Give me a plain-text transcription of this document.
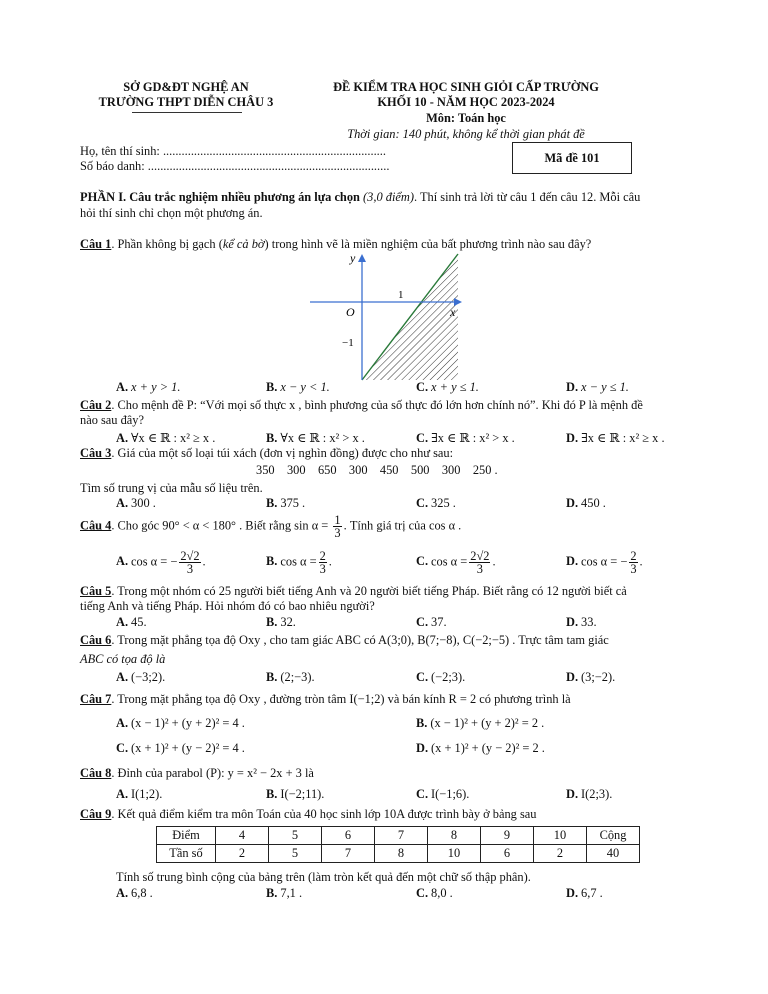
SỞ GD&ĐT NGHỆ AN
TRƯỜNG THPT DIỄN CHÂU 3
ĐỀ KIỂM TRA HỌC SINH GIỎI CẤP TRƯỜNG
KHỐI 10 - NĂM HỌC 2023-2024
Môn: Toán học
Thời gian: 140 phút, không kể thời gian phát đề
Họ, tên thí sinh: ........................................................................
Số báo danh: ..............................................................................
Mã đề 101
PHẦN I. Câu trắc nghiệm nhiều phương án lựa chọn (3,0 điểm). Thí sinh trả lời từ câu 1 đến câu 12. Mỗi câu
hỏi thí sinh chỉ chọn một phương án.
Câu 1. Phần không bị gạch (kể cả bờ) trong hình vẽ là miền nghiệm của bất phương trình nào sau đây?
y
x
O
1
−1
A. x + y > 1.	B. x − y < 1.	C. x + y ≤ 1.	D. x − y ≤ 1.
Câu 2. Cho mệnh đề P: “Với mọi số thực x , bình phương của số thực đó lớn hơn chính nó”. Khi đó P là mệnh đề
nào sau đây?
A. ∀x ∈ ℝ : x² ≥ x .	B. ∀x ∈ ℝ : x² > x .	C. ∃x ∈ ℝ : x² > x .	D. ∃x ∈ ℝ : x² ≥ x .
Câu 3. Giá của một số loại túi xách (đơn vị nghìn đồng) được cho như sau:
350    300    650    300    450    500    300    250 .
Tìm số trung vị của mẫu số liệu trên.
A. 300 .	B. 375 .	C. 325 .	D. 450 .
Câu 4. Cho góc 90° < α < 180° . Biết rằng $\sin \alpha = \frac{1}{3}$ . Tính giá trị của cos α .
A. cos α = − $\frac{2√2}{3}$ .	B. $\cos \alpha = \frac{2}{3}$ .	C. $\cos \alpha = \frac{2√2}{3}$ .	D. cos α = − $\frac{2}{3}$ .
Câu 5. Trong một nhóm có 25 người biết tiếng Anh và 20 người biết tiếng Pháp. Biết rằng có 12 người biết cả
tiếng Anh và tiếng Pháp. Hỏi nhóm đó có bao nhiêu người?
A. 45.	B. 32.	C. 37.	D. 33.
Câu 6. Trong mặt phẳng tọa độ Oxy , cho tam giác ABC có A(3;0), B(7;−8), C(−2;−5) . Trực tâm tam giác
ABC có tọa độ là
A. (−3;2).	B. (2;−3).	C. (−2;3).	D. (3;−2).
Câu 7. Trong mặt phẳng tọa độ Oxy , đường tròn tâm I(−1;2) và bán kính R = 2 có phương trình là
A. (x − 1)² + (y + 2)² = 4 .	B. (x − 1)² + (y + 2)² = 2 .
C. (x + 1)² + (y − 2)² = 4 .	D. (x + 1)² + (y − 2)² = 2 .
Câu 8. Đỉnh của parabol (P): y = x² − 2x + 3 là
A. I(1;2).	B. I(−2;11).	C. I(−1;6).	D. I(2;3).
Câu 9. Kết quả điểm kiểm tra môn Toán của 40 học sinh lớp 10A được trình bày ở bảng sau
Điểm	4	5	6	7	8	9	10	Cộng
Tần số	2	5	7	8	10	6	2	40
Tính số trung bình cộng của bảng trên (làm tròn kết quả đến một chữ số thập phân).
A. 6,8 .	B. 7,1 .	C. 8,0 .	D. 6,7 .
